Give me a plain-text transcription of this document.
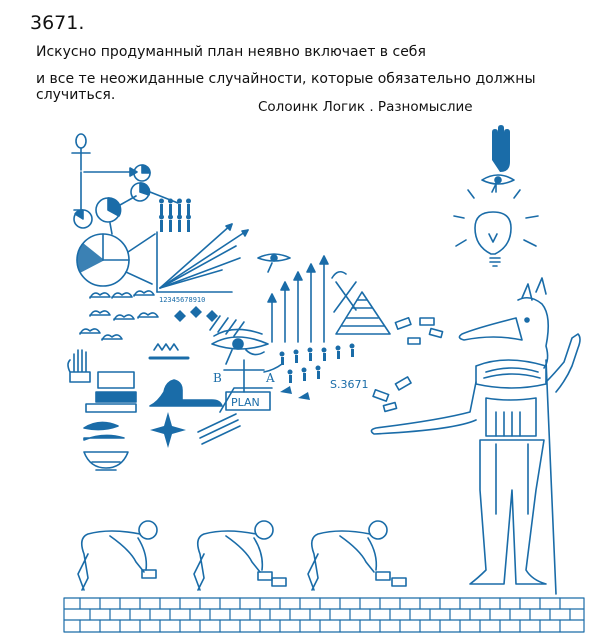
3671.
Искусно продуманный план неявно включает в себя
и все те неожиданные случайности, которые обязательно должны случиться.
Солоинк Логик . Разномыслие
12345678910
B	A
PLAN
S.3671
